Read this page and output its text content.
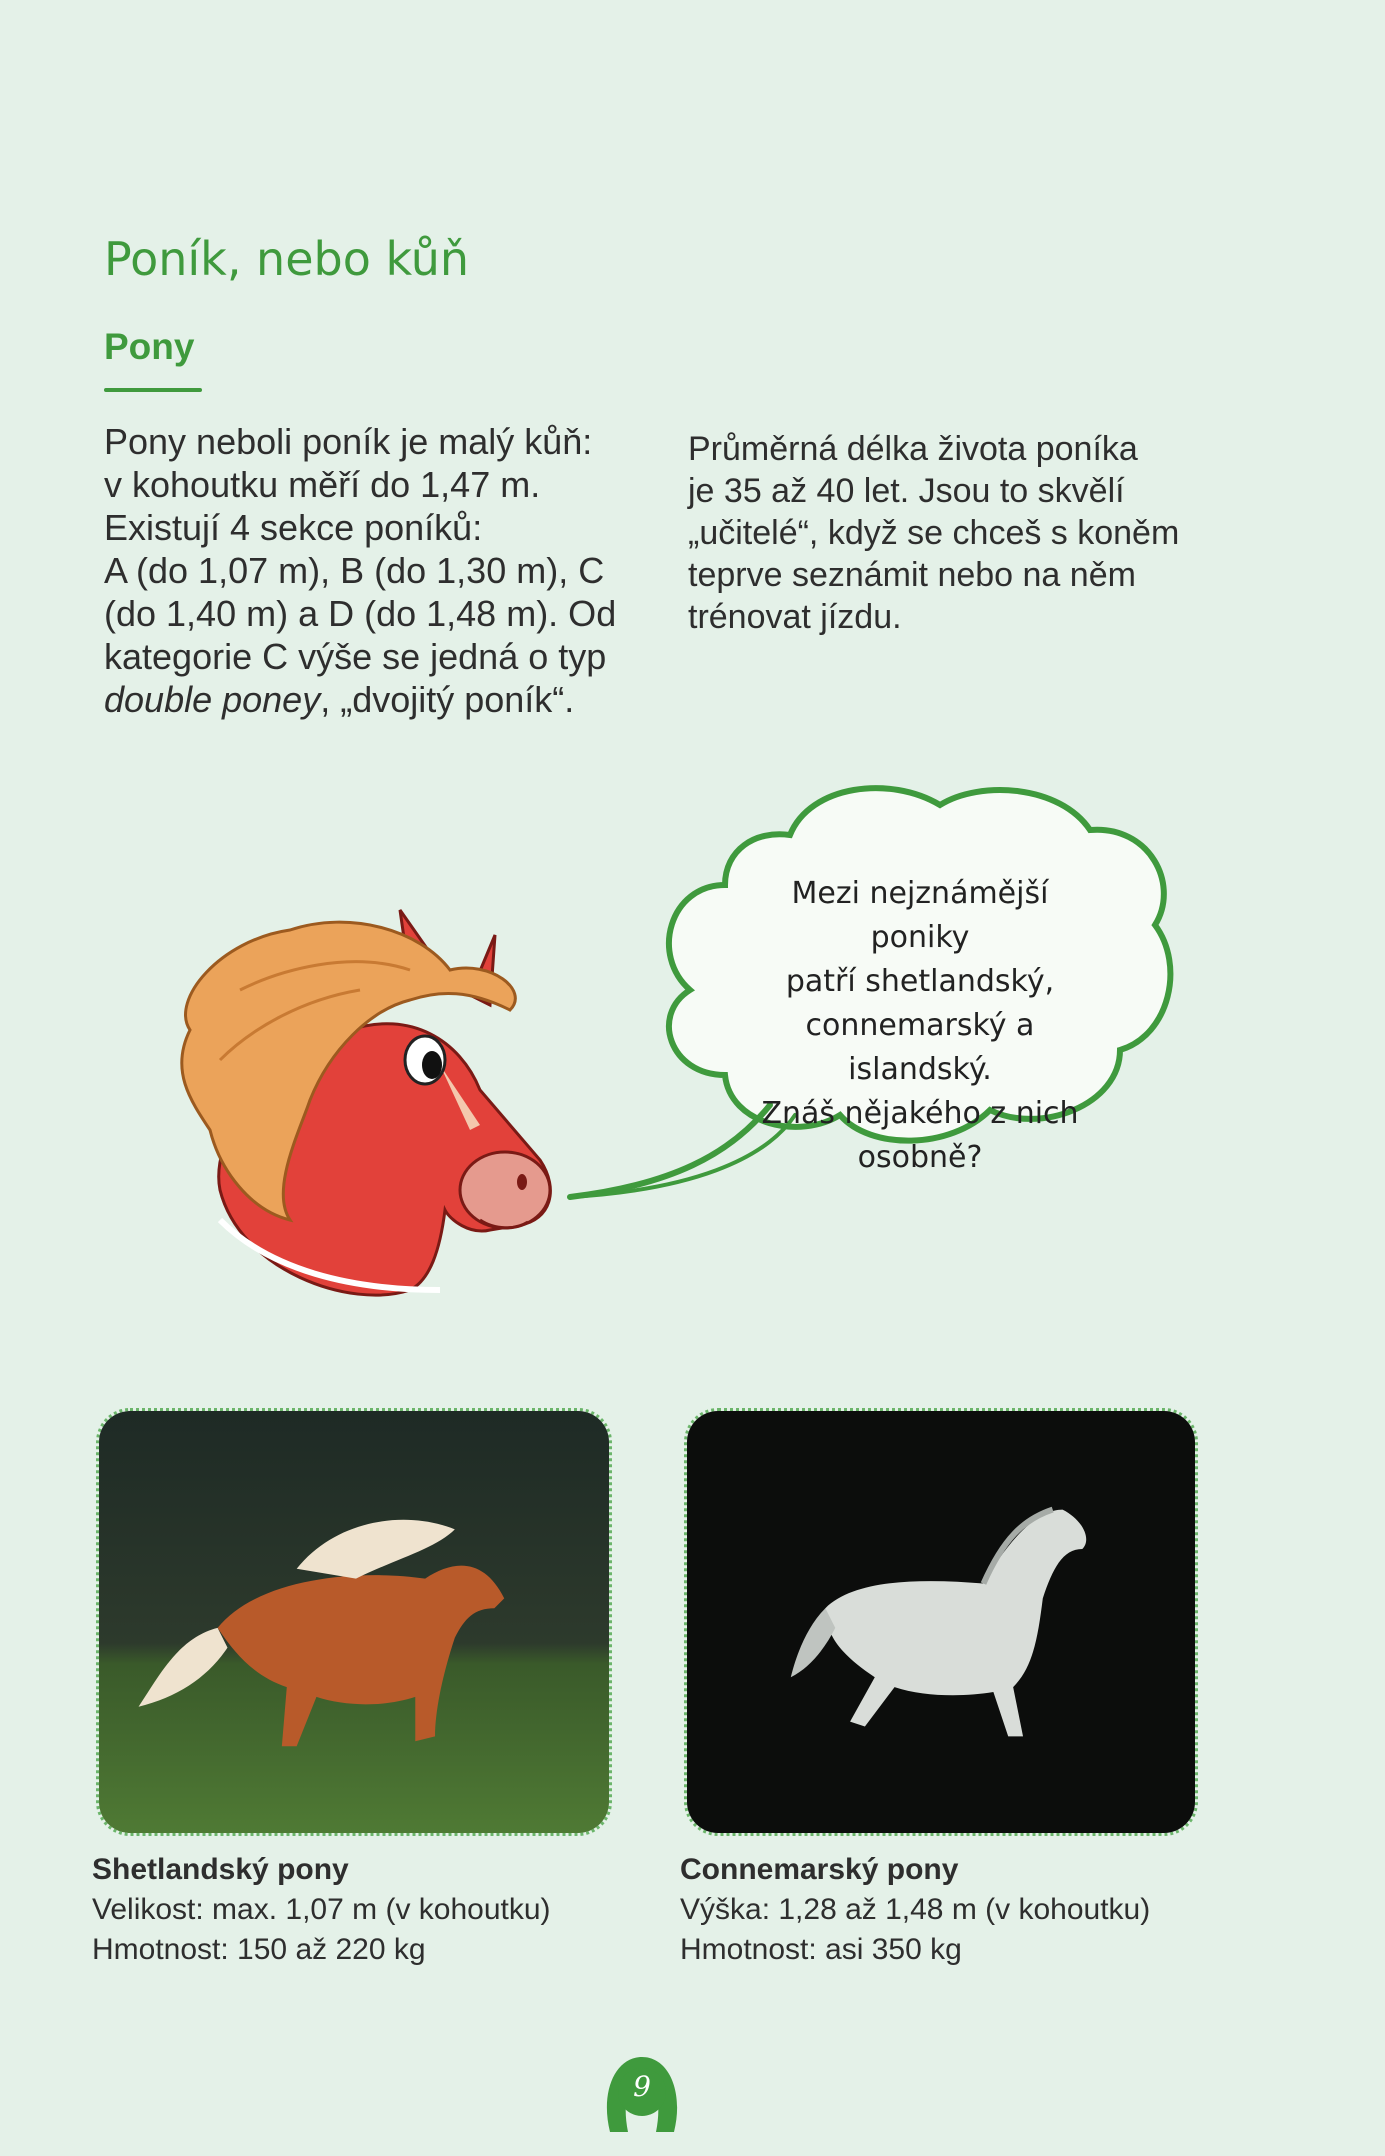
Poník, nebo kůň
Pony
Pony neboli poník je malý kůň:
v kohoutku měří do 1,47 m.
Existují 4 sekce poníků:
A (do 1,07 m), B (do 1,30 m), C
(do 1,40 m) a D (do 1,48 m). Od
kategorie C výše se jedná o typ
double poney, „dvojitý poník“.
Průměrná délka života poníka
je 35 až 40 let. Jsou to skvělí
„učitelé“, když se chceš s koněm
teprve seznámit nebo na něm
trénovat jízdu.
Mezi nejznámější poniky
patří shetlandský,
connemarský a islandský.
Znáš nějakého z nich
osobně?
Shetlandský pony
Velikost: max. 1,07 m (v kohoutku)
Hmotnost: 150 až 220 kg
Connemarský pony
Výška: 1,28 až 1,48 m (v kohoutku)
Hmotnost: asi 350 kg
9
